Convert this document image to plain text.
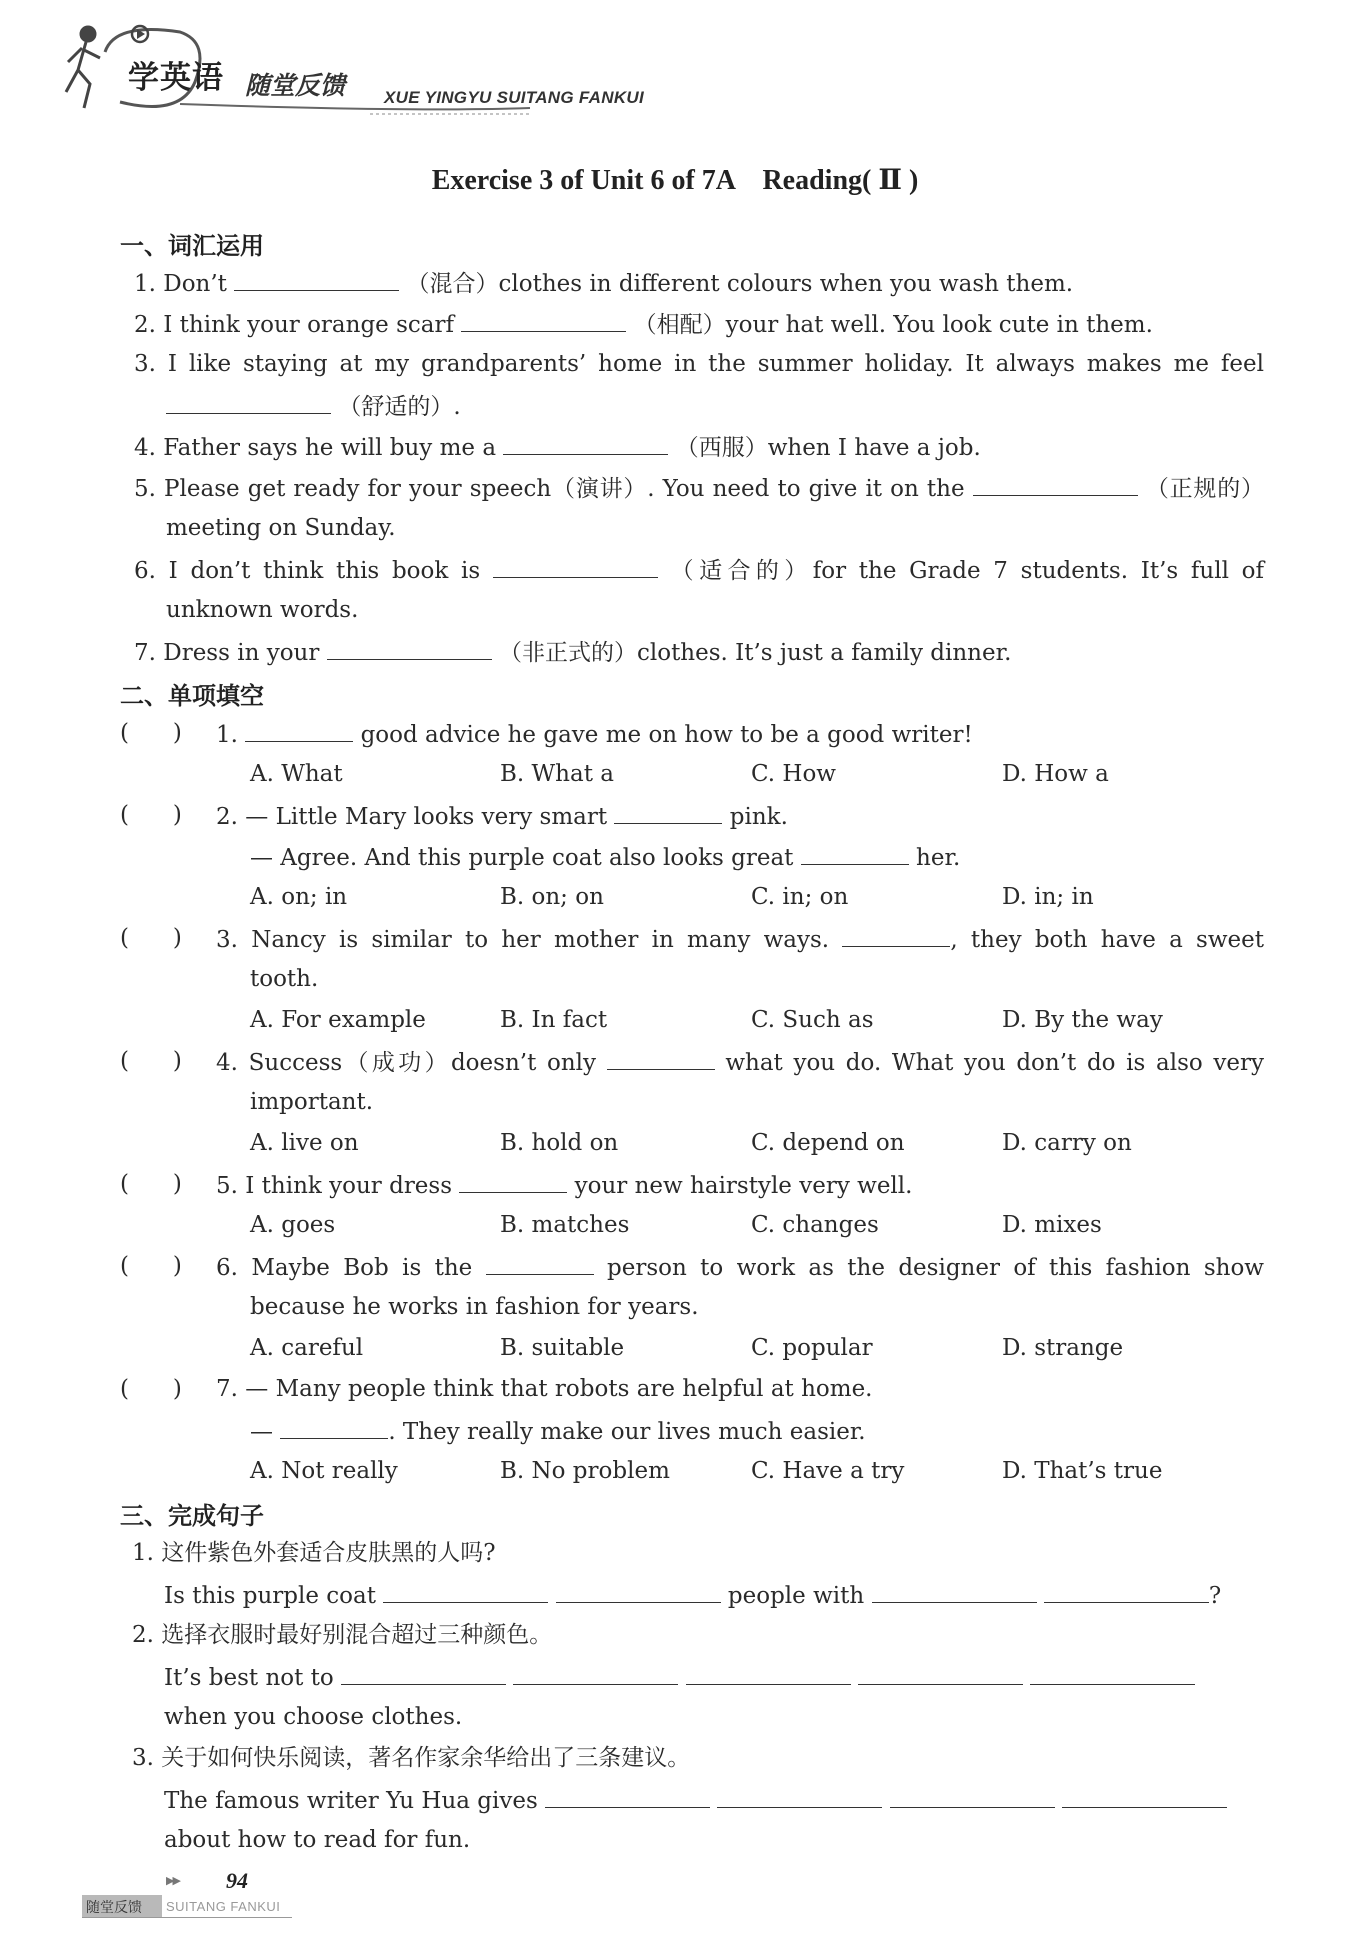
学英语 随堂反馈 XUE YINGYU SUITANG FANKUI
Exercise 3 of Unit 6 of 7A　Reading( Ⅱ )
一、词汇运用
1. Don’t	（混合）clothes in different colours when you wash them.
2. I think your orange scarf	（相配）your hat well. You look cute in them.
3. I like staying at my grandparents’ home in the summer holiday. It always makes me feel
（舒适的）.
4. Father says he will buy me a	（西服）when I have a job.
5. Please get ready for your speech（演讲）. You need to give it on the	（正规的）
meeting on Sunday.
6. I don’t think this book is	（适合的）for the Grade 7 students. It’s full of
unknown words.
7. Dress in your	（非正式的）clothes. It’s just a family dinner.
二、单项填空
(      ) 1.	good advice he gave me on how to be a good writer!
A. What	B. What a	C. How	D. How a
(      ) 2. — Little Mary looks very smart	pink.
— Agree. And this purple coat also looks great	her.
A. on; in	B. on; on	C. in; on	D. in; in
(      ) 3. Nancy is similar to her mother in many ways.	, they both have a sweet
tooth.
A. For example	B. In fact	C. Such as	D. By the way
(      ) 4. Success（成功）doesn’t only	what you do. What you don’t do is also very
important.
A. live on	B. hold on	C. depend on	D. carry on
(      ) 5. I think your dress	your new hairstyle very well.
A. goes	B. matches	C. changes	D. mixes
(      ) 6. Maybe Bob is the	person to work as the designer of this fashion show
because he works in fashion for years.
A. careful	B. suitable	C. popular	D. strange
(      ) 7. — Many people think that robots are helpful at home.
—	. They really make our lives much easier.
A. Not really	B. No problem	C. Have a try	D. That’s true
三、完成句子
1. 这件紫色外套适合皮肤黑的人吗?
Is this purple coat	people with	?
2. 选择衣服时最好别混合超过三种颜色。
It’s best not to
when you choose clothes.
3. 关于如何快乐阅读，著名作家余华给出了三条建议。
The famous writer Yu Hua gives
about how to read for fun.
▶▶ 94
随堂反馈 SUITANG FANKUI
